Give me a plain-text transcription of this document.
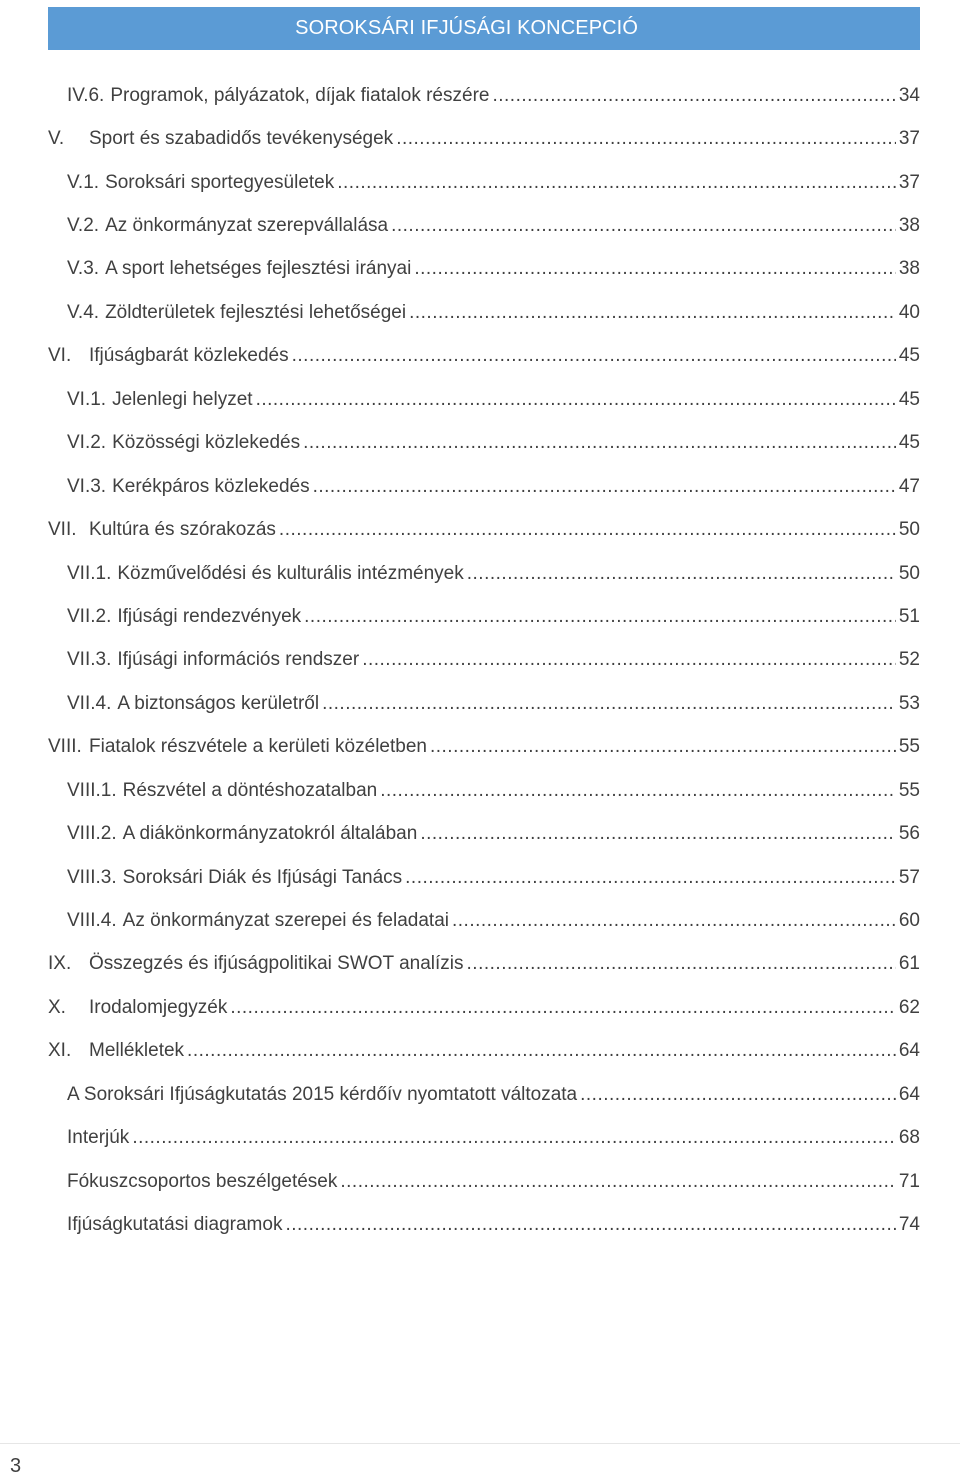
SOROKSÁRI IFJÚSÁGI KONCEPCIÓ
IV.6. Programok, pályázatok, díjak fiatalok részére .....	34
V.	Sport és szabadidős tevékenységek .....	37
V.1. Soroksári sportegyesületek .....	37
V.2. Az önkormányzat szerepvállalása .....	38
V.3. A sport lehetséges fejlesztési irányai .....	38
V.4. Zöldterületek fejlesztési lehetőségei .....	40
VI. Ifjúságbarát közlekedés .....	45
VI.1. Jelenlegi helyzet .....	45
VI.2. Közösségi közlekedés .....	45
VI.3. Kerékpáros közlekedés .....	47
VII. Kultúra és szórakozás .....	50
VII.1. Közművelődési és kulturális intézmények .....	50
VII.2. Ifjúsági rendezvények .....	51
VII.3. Ifjúsági információs rendszer .....	52
VII.4. A biztonságos kerületről .....	53
VIII. Fiatalok részvétele a kerületi közéletben .....	55
VIII.1. Részvétel a döntéshozatalban .....	55
VIII.2. A diákönkormányzatokról általában .....	56
VIII.3. Soroksári Diák és Ifjúsági Tanács .....	57
VIII.4. Az önkormányzat szerepei és feladatai .....	60
IX. Összegzés és ifjúságpolitikai SWOT analízis .....	61
X.	Irodalomjegyzék .....	62
XI. Mellékletek .....	64
A Soroksári Ifjúságkutatás 2015 kérdőív nyomtatott változata .....	64
Interjúk .....	68
Fókuszcsoportos beszélgetések .....	71
Ifjúságkutatási diagramok .....	74
3
